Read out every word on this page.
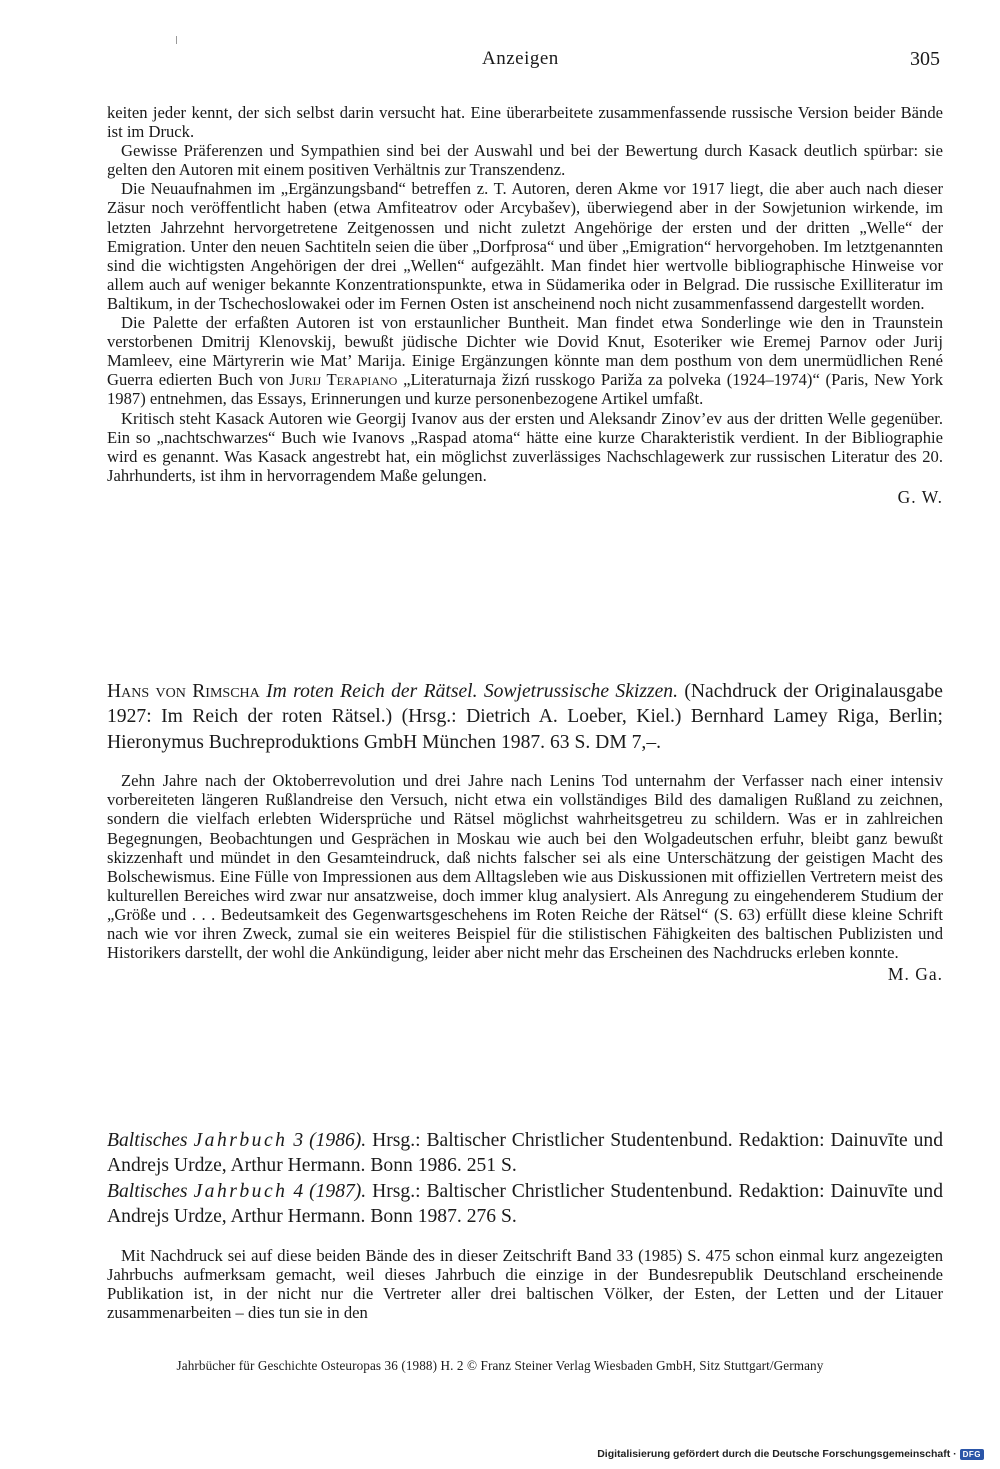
Anzeigen	305

keiten jeder kennt, der sich selbst darin versucht hat. Eine überarbeitete zusammenfassende russische Version beider Bände ist im Druck.

Gewisse Präferenzen und Sympathien sind bei der Auswahl und bei der Bewertung durch Kasack deutlich spürbar: sie gelten den Autoren mit einem positiven Verhältnis zur Transzendenz.

Die Neuaufnahmen im „Ergänzungsband“ betreffen z. T. Autoren, deren Akme vor 1917 liegt, die aber auch nach dieser Zäsur noch veröffentlicht haben (etwa Amfiteatrov oder Arcybašev), überwiegend aber in der Sowjetunion wirkende, im letzten Jahrzehnt hervorgetretene Zeitgenossen und nicht zuletzt Angehörige der ersten und der dritten „Welle“ der Emigration. Unter den neuen Sachtiteln seien die über „Dorfprosa“ und über „Emigration“ hervorgehoben. Im letztgenannten sind die wichtigsten Angehörigen der drei „Wellen“ aufgezählt. Man findet hier wertvolle bibliographische Hinweise vor allem auch auf weniger bekannte Konzentrationspunkte, etwa in Südamerika oder in Belgrad. Die russische Exilliteratur im Baltikum, in der Tschechoslowakei oder im Fernen Osten ist anscheinend noch nicht zusammenfassend dargestellt worden.

Die Palette der erfaßten Autoren ist von erstaunlicher Buntheit. Man findet etwa Sonderlinge wie den in Traunstein verstorbenen Dmitrij Klenovskij, bewußt jüdische Dichter wie Dovid Knut, Esoteriker wie Eremej Parnov oder Jurij Mamleev, eine Märtyrerin wie Mat’ Marija. Einige Ergänzungen könnte man dem posthum von dem unermüdlichen René Guerra edierten Buch von Jurij Terapiano „Literaturnaja žizń russkogo Pariža za polveka (1924–1974)“ (Paris, New York 1987) entnehmen, das Essays, Erinnerungen und kurze personenbezogene Artikel umfaßt.

Kritisch steht Kasack Autoren wie Georgij Ivanov aus der ersten und Aleksandr Zinov’ev aus der dritten Welle gegenüber. Ein so „nachtschwarzes“ Buch wie Ivanovs „Raspad atoma“ hätte eine kurze Charakteristik verdient. In der Bibliographie wird es genannt. Was Kasack angestrebt hat, ein möglichst zuverlässiges Nachschlagewerk zur russischen Literatur des 20. Jahrhunderts, ist ihm in hervorragendem Maße gelungen.

G. W.

Hans von Rimscha Im roten Reich der Rätsel. Sowjetrussische Skizzen. (Nachdruck der Originalausgabe 1927: Im Reich der roten Rätsel.) (Hrsg.: Dietrich A. Loeber, Kiel.) Bernhard Lamey Riga, Berlin; Hieronymus Buchreproduktions GmbH München 1987. 63 S. DM 7,–.

Zehn Jahre nach der Oktoberrevolution und drei Jahre nach Lenins Tod unternahm der Verfasser nach einer intensiv vorbereiteten längeren Rußlandreise den Versuch, nicht etwa ein vollständiges Bild des damaligen Rußland zu zeichnen, sondern die vielfach erlebten Widersprüche und Rätsel möglichst wahrheitsgetreu zu schildern. Was er in zahlreichen Begegnungen, Beobachtungen und Gesprächen in Moskau wie auch bei den Wolgadeutschen erfuhr, bleibt ganz bewußt skizzenhaft und mündet in den Gesamteindruck, daß nichts falscher sei als eine Unterschätzung der geistigen Macht des Bolschewismus. Eine Fülle von Impressionen aus dem Alltagsleben wie aus Diskussionen mit offiziellen Vertretern meist des kulturellen Bereiches wird zwar nur ansatzweise, doch immer klug analysiert. Als Anregung zu eingehenderem Studium der „Größe und . . . Bedeutsamkeit des Gegenwartsgeschehens im Roten Reiche der Rätsel“ (S. 63) erfüllt diese kleine Schrift nach wie vor ihren Zweck, zumal sie ein weiteres Beispiel für die stilistischen Fähigkeiten des baltischen Publizisten und Historikers darstellt, der wohl die Ankündigung, leider aber nicht mehr das Erscheinen des Nachdrucks erleben konnte.

M. Ga.

Baltisches Jahrbuch 3 (1986). Hrsg.: Baltischer Christlicher Studentenbund. Redaktion: Dainuvīte und Andrejs Urdze, Arthur Hermann. Bonn 1986. 251 S.

Baltisches Jahrbuch 4 (1987). Hrsg.: Baltischer Christlicher Studentenbund. Redaktion: Dainuvīte und Andrejs Urdze, Arthur Hermann. Bonn 1987. 276 S.

Mit Nachdruck sei auf diese beiden Bände des in dieser Zeitschrift Band 33 (1985) S. 475 schon einmal kurz angezeigten Jahrbuchs aufmerksam gemacht, weil dieses Jahrbuch die einzige in der Bundesrepublik Deutschland erscheinende Publikation ist, in der nicht nur die Vertreter aller drei baltischen Völker, der Esten, der Letten und der Litauer zusammenarbeiten – dies tun sie in den

Jahrbücher für Geschichte Osteuropas 36 (1988) H. 2 © Franz Steiner Verlag Wiesbaden GmbH, Sitz Stuttgart/Germany
Digitalisierung gefördert durch die Deutsche Forschungsgemeinschaft · DFG
